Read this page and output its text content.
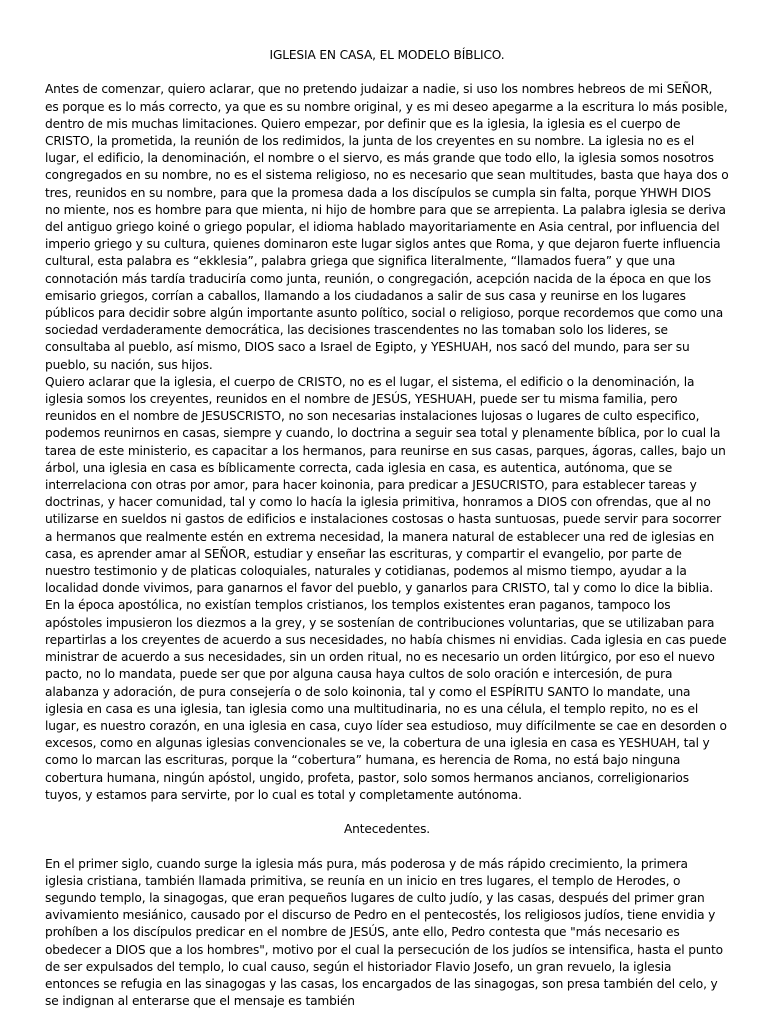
IGLESIA EN CASA, EL MODELO BÍBLICO.

Antes de comenzar, quiero aclarar, que no pretendo judaizar a nadie, si uso los nombres hebreos de mi SEÑOR, es porque es lo más correcto, ya que es su nombre original, y es mi deseo apegarme a la escritura lo más posible, dentro de mis muchas limitaciones. Quiero empezar, por definir que es la iglesia, la iglesia es el cuerpo de CRISTO, la prometida, la reunión de los redimidos, la junta de los creyentes en su nombre. La iglesia no es el lugar, el edificio, la denominación, el nombre o el siervo, es más grande que todo ello, la iglesia somos nosotros congregados en su nombre, no es el sistema religioso, no es necesario que sean multitudes, basta que haya dos o tres, reunidos en su nombre, para que la promesa dada a los discípulos se cumpla sin falta, porque YHWH DIOS no miente, nos es hombre para que mienta, ni hijo de hombre para que se arrepienta. La palabra iglesia se deriva del antiguo griego koiné o griego popular, el idioma hablado mayoritariamente en Asia central, por influencia del imperio griego y su cultura, quienes dominaron este lugar siglos antes que Roma, y que dejaron fuerte influencia cultural, esta palabra es “ekklesia”, palabra griega que significa literalmente, “llamados fuera” y que una connotación más tardía traduciría como junta, reunión, o congregación, acepción nacida de la época en que los emisario griegos, corrían a caballos, llamando a los ciudadanos a salir de sus casa y reunirse en los lugares públicos para decidir sobre algún importante asunto político, social o religioso, porque recordemos que como una sociedad verdaderamente democrática, las decisiones trascendentes no las tomaban solo los lideres, se consultaba al pueblo, así mismo, DIOS saco a Israel de Egipto, y YESHUAH, nos sacó del mundo, para ser su pueblo, su nación, sus hijos.

Quiero aclarar que la iglesia, el cuerpo de CRISTO, no es el lugar, el sistema, el edificio o la denominación, la iglesia somos los creyentes, reunidos en el nombre de JESÚS, YESHUAH, puede ser tu misma familia, pero reunidos en el nombre de JESUSCRISTO, no son necesarias instalaciones lujosas o lugares de culto especifico, podemos reunirnos en casas, siempre y cuando, lo doctrina a seguir sea total y plenamente bíblica, por lo cual la tarea de este ministerio, es capacitar a los hermanos, para reunirse en sus casas, parques, ágoras, calles, bajo un árbol, una iglesia en casa es bíblicamente correcta, cada iglesia en casa, es autentica, autónoma, que se interrelaciona con otras por amor, para hacer koinonia, para predicar a JESUCRISTO, para establecer tareas y doctrinas, y hacer comunidad, tal y como lo hacía la iglesia primitiva, honramos a DIOS con ofrendas, que al no utilizarse en sueldos ni gastos de edificios e instalaciones costosas o hasta suntuosas, puede servir para socorrer a hermanos que realmente estén en extrema necesidad, la manera natural de establecer una red de iglesias en casa, es aprender amar al SEÑOR, estudiar y enseñar las escrituras, y compartir el evangelio, por parte de nuestro testimonio y de platicas coloquiales, naturales y cotidianas, podemos al mismo tiempo, ayudar a la localidad donde vivimos, para ganarnos el favor del pueblo, y ganarlos para CRISTO, tal y como lo dice la biblia. En la época apostólica, no existían templos cristianos, los templos existentes eran paganos, tampoco los apóstoles impusieron los diezmos a la grey, y se sostenían de contribuciones voluntarias, que se utilizaban para repartirlas a los creyentes de acuerdo a sus necesidades, no había chismes ni envidias. Cada iglesia en cas puede ministrar de acuerdo a sus necesidades, sin un orden ritual, no es necesario un orden litúrgico, por eso el nuevo pacto, no lo mandata, puede ser que por alguna causa haya cultos de solo oración e intercesión, de pura alabanza y adoración, de pura consejería o de solo koinonia, tal y como el ESPÍRITU SANTO lo mandate, una iglesia en casa es una iglesia, tan iglesia como una multitudinaria, no es una célula, el templo repito, no es el lugar, es nuestro corazón, en una iglesia en casa, cuyo líder sea estudioso, muy difícilmente se cae en desorden o excesos, como en algunas iglesias convencionales se ve, la cobertura de una iglesia en casa es YESHUAH, tal y como lo marcan las escrituras, porque la “cobertura” humana, es herencia de Roma, no está bajo ninguna cobertura humana, ningún apóstol, ungido, profeta, pastor, solo somos hermanos ancianos, correligionarios tuyos, y estamos para servirte, por lo cual es total y completamente autónoma.

Antecedentes.

En el primer siglo, cuando surge la iglesia más pura, más poderosa y de más rápido crecimiento, la primera iglesia cristiana, también llamada primitiva, se reunía en un inicio en tres lugares, el templo de Herodes, o segundo templo, la sinagogas, que eran pequeños lugares de culto judío, y las casas, después del primer gran avivamiento mesiánico, causado por el discurso de Pedro en el pentecostés, los religiosos judíos, tiene envidia y prohíben a los discípulos predicar en el nombre de JESÚS, ante ello, Pedro contesta que "más necesario es obedecer a DIOS que a los hombres", motivo por el cual la persecución de los judíos se intensifica, hasta el punto de ser expulsados del templo, lo cual causo, según el historiador Flavio Josefo, un gran revuelo, la iglesia entonces se refugia en las sinagogas y las casas, los encargados de las sinagogas, son presa también del celo, y se indignan al enterarse que el mensaje es también
